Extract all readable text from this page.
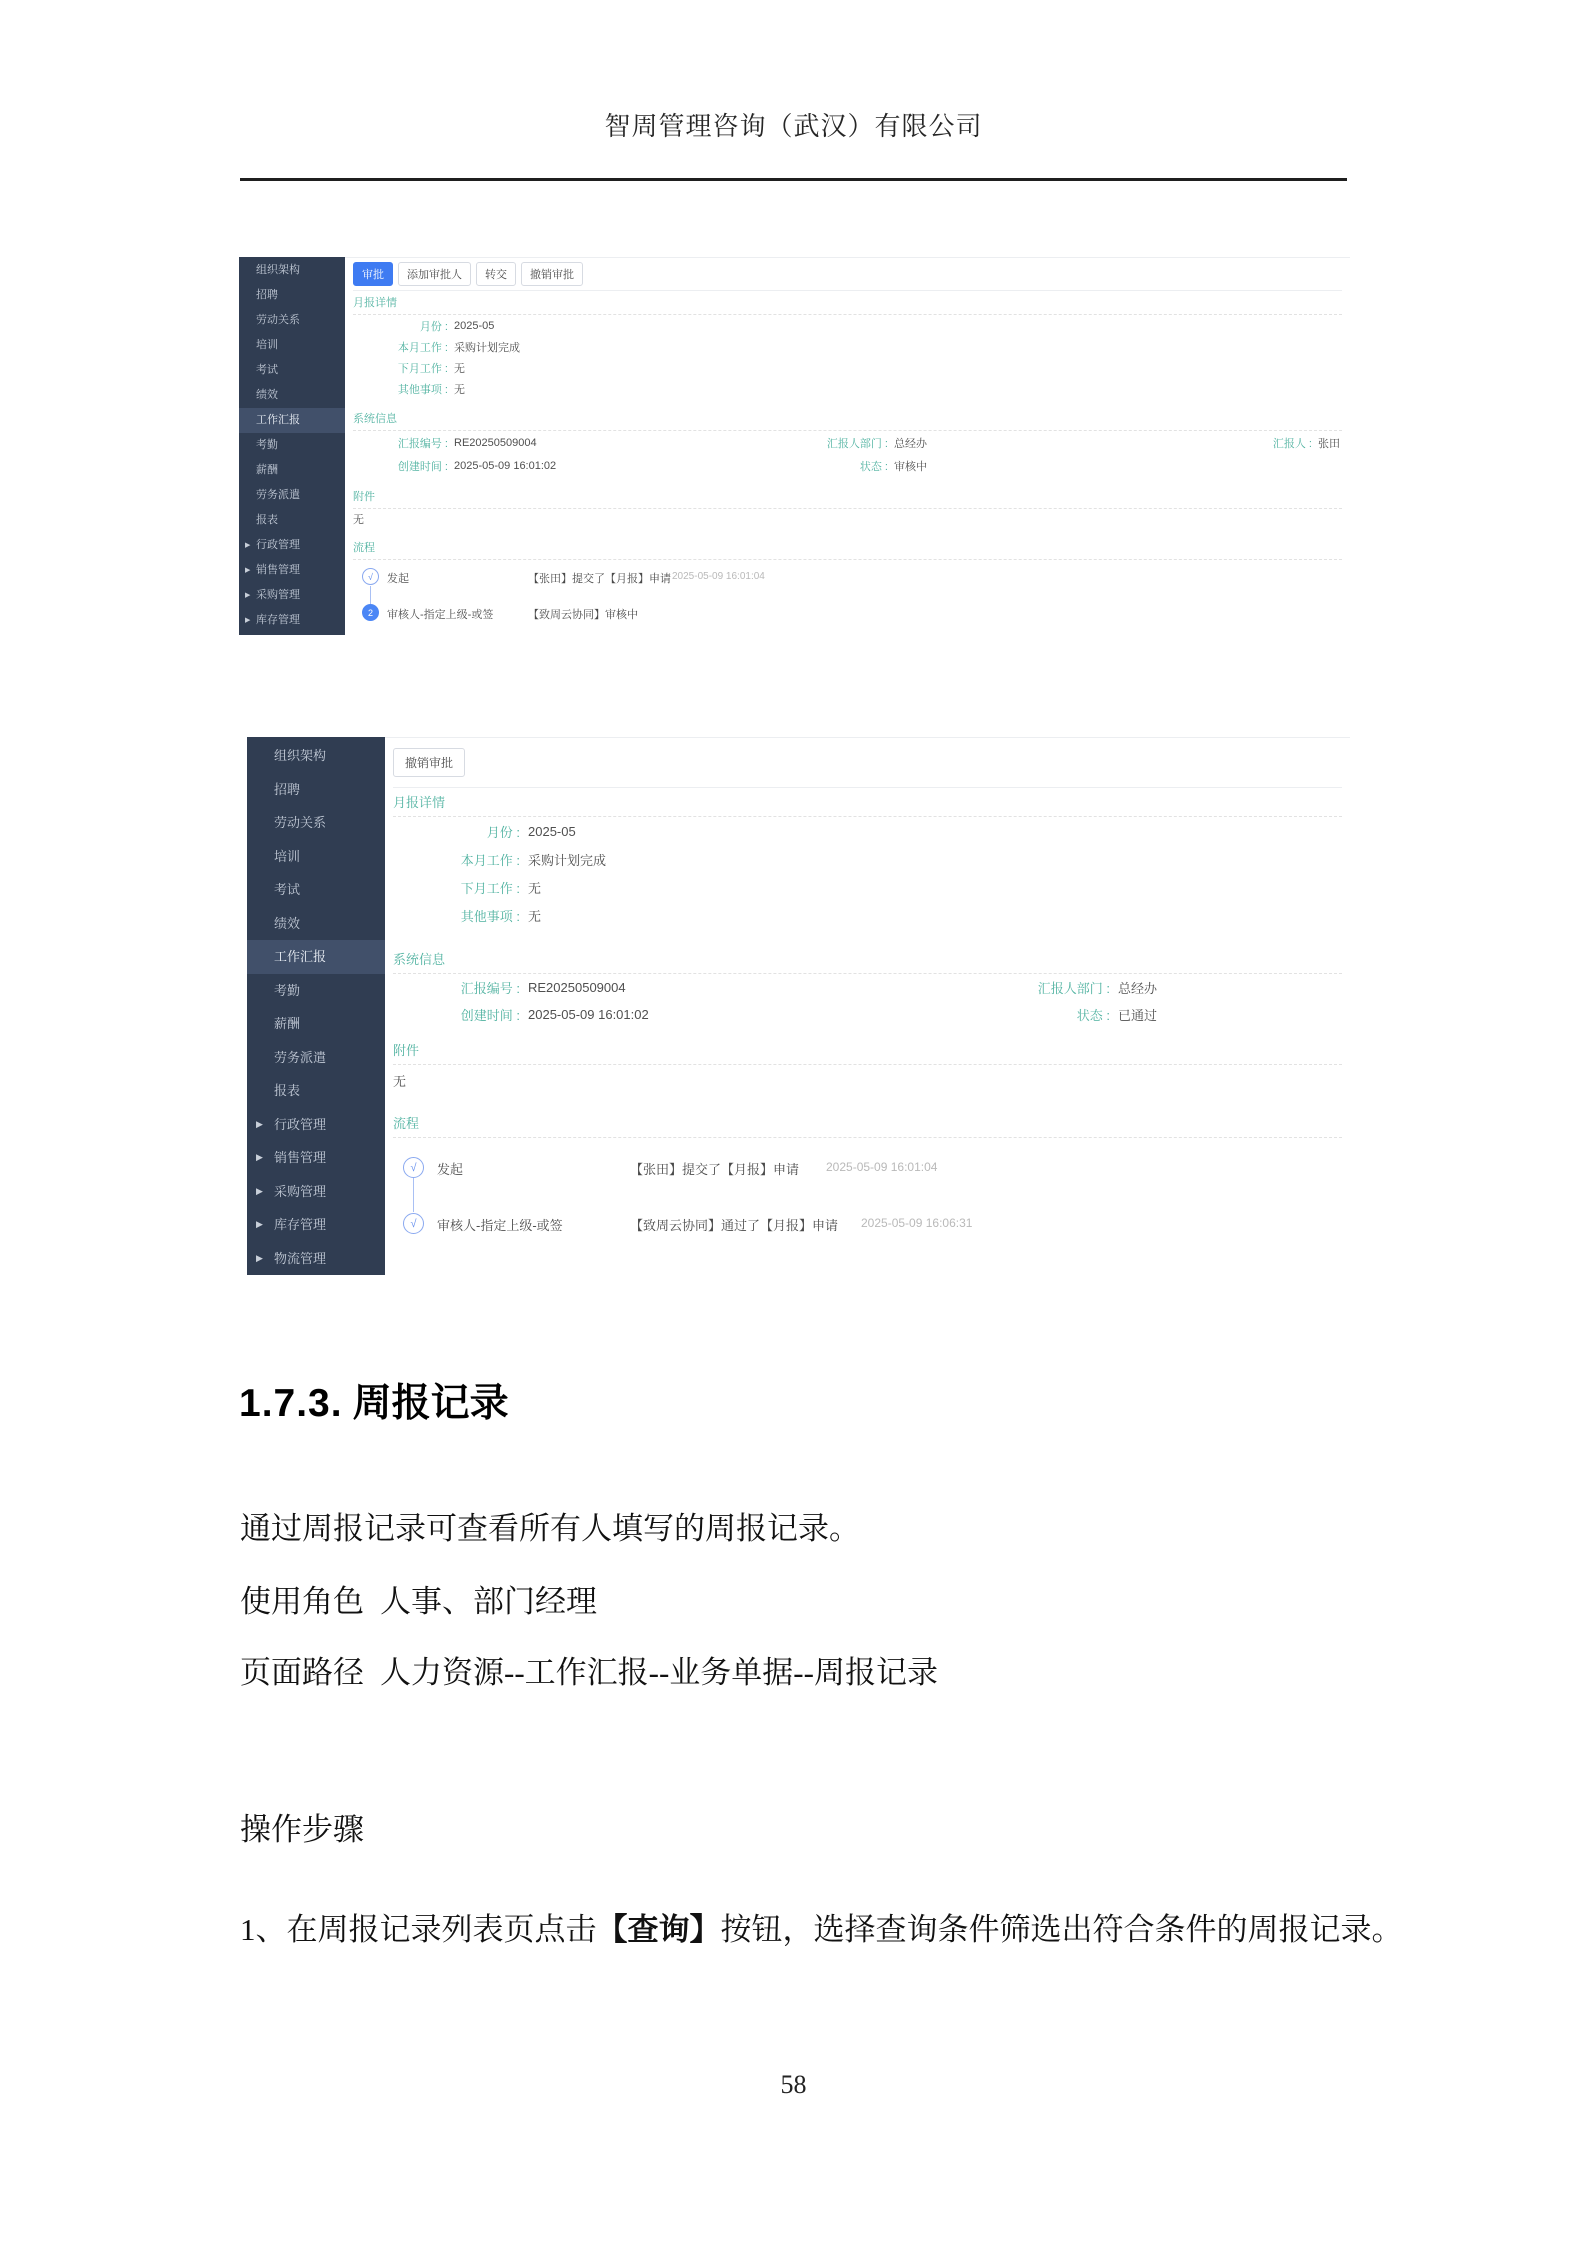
智周管理咨询（武汉）有限公司
组织架构
招聘
劳动关系
培训
考试
绩效
工作汇报
考勤
薪酬
劳务派遣
报表
▶ 行政管理
▶ 销售管理
▶ 采购管理
▶ 库存管理
审批	添加审批人	转交	撤销审批
月报详情
月份 : 2025-05
本月工作 : 采购计划完成
下月工作 : 无
其他事项 : 无
系统信息
汇报编号 : RE20250509004	汇报人部门 : 总经办	汇报人 : 张田
创建时间 : 2025-05-09 16:01:02	状态 : 审核中
附件
无
流程
√	发起	【张田】提交了【月报】申请 2025-05-09 16:01:04
2	审核人-指定上级-或签	【致周云协同】审核中
组织架构
招聘
劳动关系
培训
考试
绩效
工作汇报
考勤
薪酬
劳务派遣
报表
▶ 行政管理
▶ 销售管理
▶ 采购管理
▶ 库存管理
▶ 物流管理
撤销审批
月报详情
月份 : 2025-05
本月工作 : 采购计划完成
下月工作 : 无
其他事项 : 无
系统信息
汇报编号 : RE20250509004	汇报人部门 : 总经办
创建时间 : 2025-05-09 16:01:02	状态 : 已通过
附件
无
流程
√	发起	【张田】提交了【月报】申请 2025-05-09 16:01:04
√	审核人-指定上级-或签	【致周云协同】通过了【月报】申请 2025-05-09 16:06:31
1.7.3. 周报记录

通过周报记录可查看所有人填写的周报记录。

使用角色 人事、部门经理

页面路径 人力资源--工作汇报--业务单据--周报记录

操作步骤

1、在周报记录列表页点击【查询】按钮，选择查询条件筛选出符合条件的周报记录。

58
